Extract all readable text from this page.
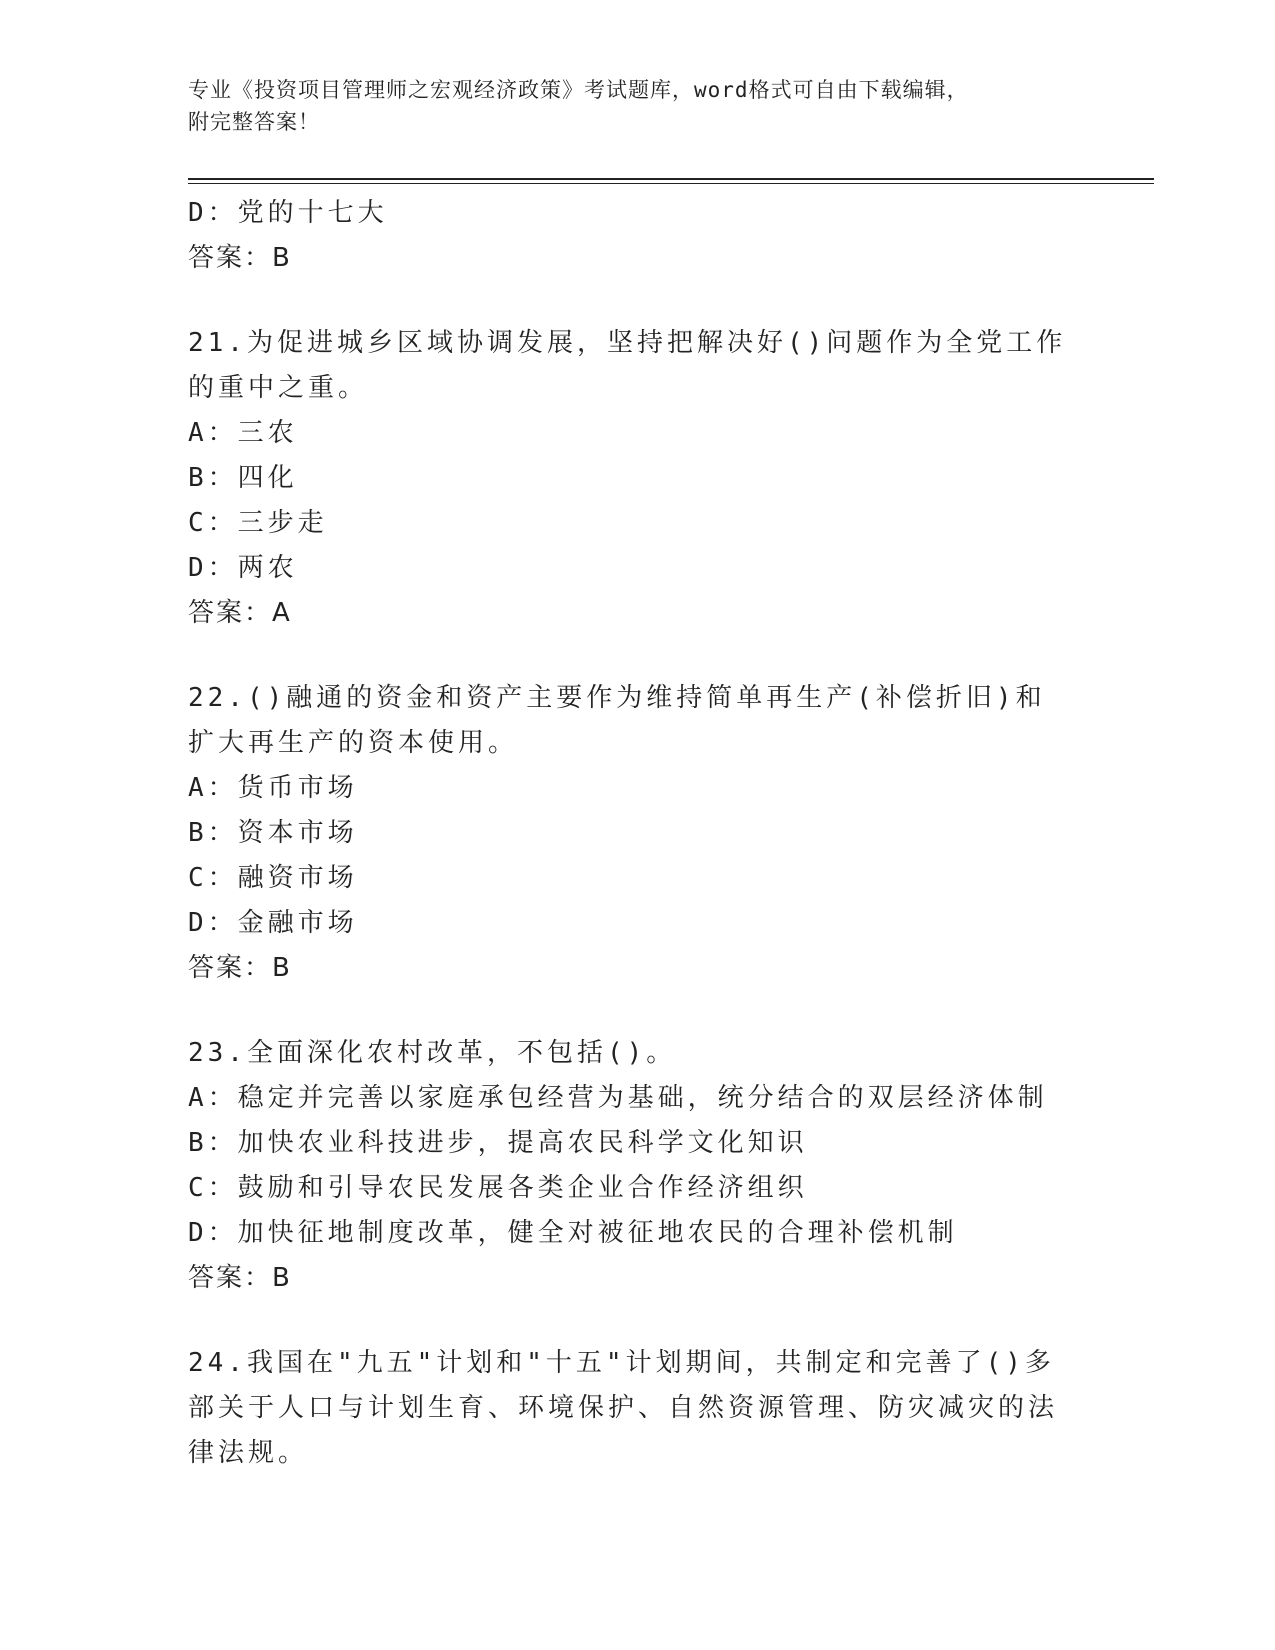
专业《投资项目管理师之宏观经济政策》考试题库，word格式可自由下载编辑，
附完整答案！
D：党的十七大
答案：B
21.为促进城乡区域协调发展，坚持把解决好()问题作为全党工作的重中之重。
A：三农
B：四化
C：三步走
D：两农
答案：A
22.()融通的资金和资产主要作为维持简单再生产(补偿折旧)和扩大再生产的资本使用。
A：货币市场
B：资本市场
C：融资市场
D：金融市场
答案：B
23.全面深化农村改革，不包括()。
A：稳定并完善以家庭承包经营为基础，统分结合的双层经济体制
B：加快农业科技进步，提高农民科学文化知识
C：鼓励和引导农民发展各类企业合作经济组织
D：加快征地制度改革，健全对被征地农民的合理补偿机制
答案：B
24.我国在"九五"计划和"十五"计划期间，共制定和完善了()多部关于人口与计划生育、环境保护、自然资源管理、防灾减灾的法律法规。
